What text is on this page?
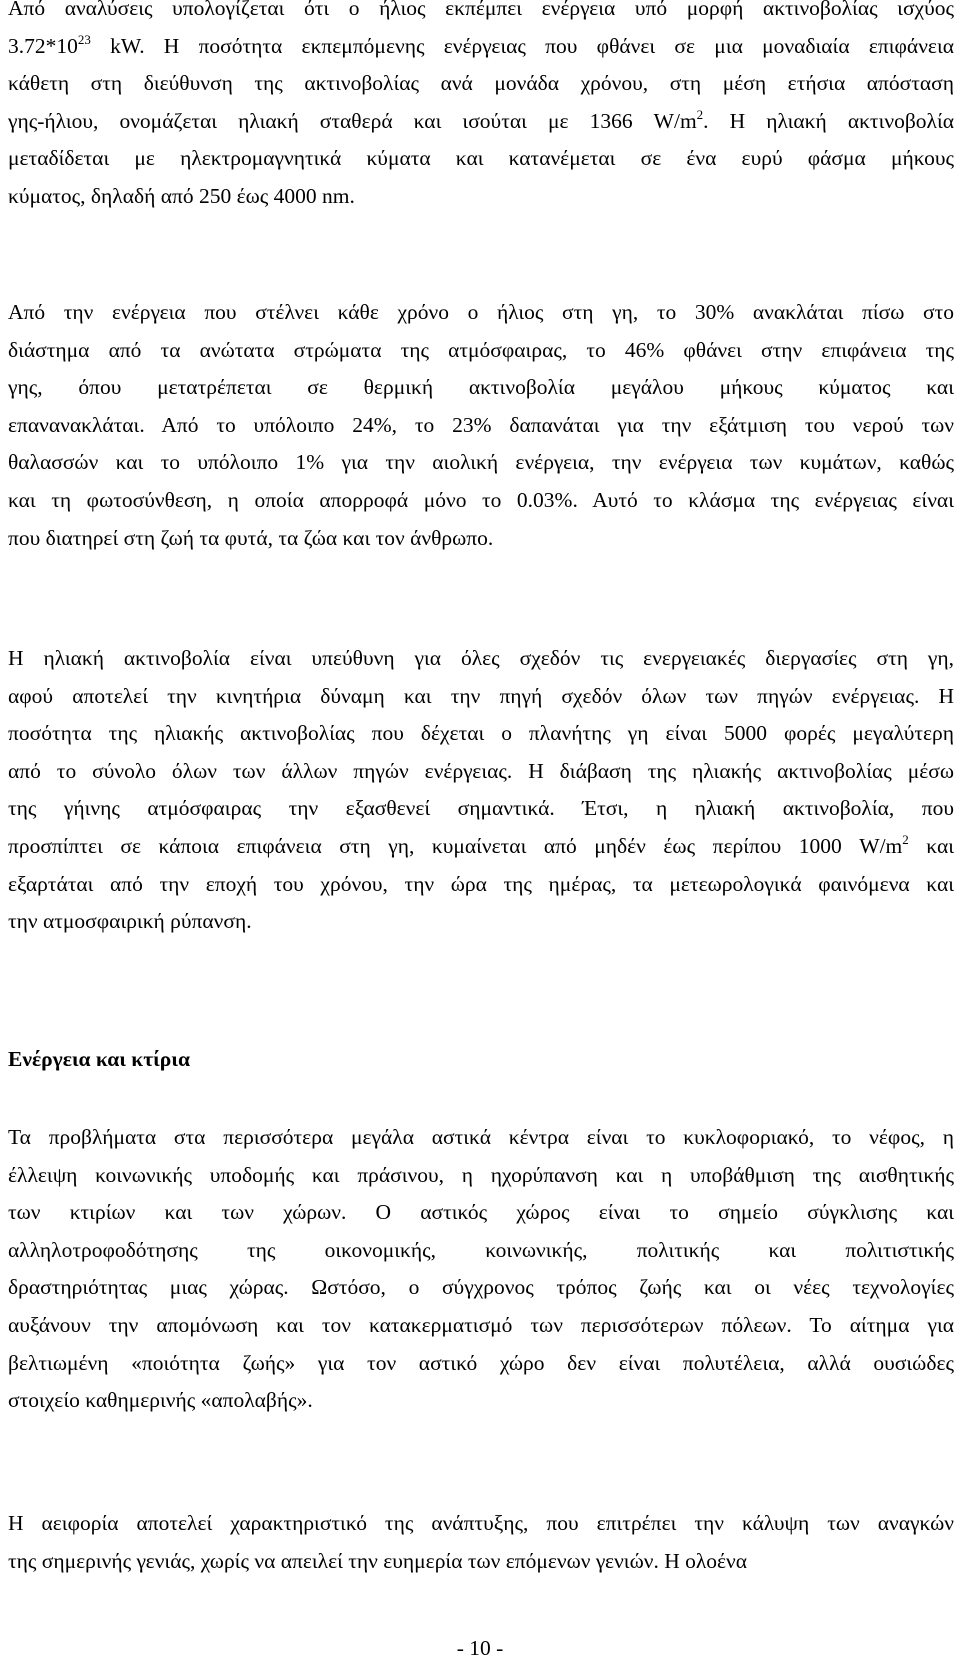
Από αναλύσεις υπολογίζεται ότι ο ήλιος εκπέμπει ενέργεια υπό μορφή ακτινοβολίας ισχύος
$3.72*10^{23}$ kW. Η ποσότητα εκπεμπόμενης ενέργειας που φθάνει σε μια μοναδιαία επιφάνεια
κάθετη στη διεύθυνση της ακτινοβολίας ανά μονάδα χρόνου, στη μέση ετήσια απόσταση
γης-ήλιου, ονομάζεται ηλιακή σταθερά και ισούται με 1366 $W/m^2$. Η ηλιακή ακτινοβολία
μεταδίδεται με ηλεκτρομαγνητικά κύματα και κατανέμεται σε ένα ευρύ φάσμα μήκους
κύματος, δηλαδή από 250 έως 4000 nm.
Από την ενέργεια που στέλνει κάθε χρόνο ο ήλιος στη γη, το 30% ανακλάται πίσω στο
διάστημα από τα ανώτατα στρώματα της ατμόσφαιρας, το 46% φθάνει στην επιφάνεια της
γης, όπου μετατρέπεται σε θερμική ακτινοβολία μεγάλου μήκους κύματος και
επανανακλάται. Από το υπόλοιπο 24%, το 23% δαπανάται για την εξάτμιση του νερού των
θαλασσών και το υπόλοιπο 1% για την αιολική ενέργεια, την ενέργεια των κυμάτων, καθώς
και τη φωτοσύνθεση, η οποία απορροφά μόνο το 0.03%. Αυτό το κλάσμα της ενέργειας είναι
που διατηρεί στη ζωή τα φυτά, τα ζώα και τον άνθρωπο.
Η ηλιακή ακτινοβολία είναι υπεύθυνη για όλες σχεδόν τις ενεργειακές διεργασίες στη γη,
αφού αποτελεί την κινητήρια δύναμη και την πηγή σχεδόν όλων των πηγών ενέργειας. Η
ποσότητα της ηλιακής ακτινοβολίας που δέχεται ο πλανήτης γη είναι 5000 φορές μεγαλύτερη
από το σύνολο όλων των άλλων πηγών ενέργειας. Η διάβαση της ηλιακής ακτινοβολίας μέσω
της γήινης ατμόσφαιρας την εξασθενεί σημαντικά. Έτσι, η ηλιακή ακτινοβολία, που
προσπίπτει σε κάποια επιφάνεια στη γη, κυμαίνεται από μηδέν έως περίπου 1000 $W/m^2$ και
εξαρτάται από την εποχή του χρόνου, την ώρα της ημέρας, τα μετεωρολογικά φαινόμενα και
την ατμοσφαιρική ρύπανση.
Ενέργεια και κτίρια
Τα προβλήματα στα περισσότερα μεγάλα αστικά κέντρα είναι το κυκλοφοριακό, το νέφος, η
έλλειψη κοινωνικής υποδομής και πράσινου, η ηχορύπανση και η υποβάθμιση της αισθητικής
των κτιρίων και των χώρων. Ο αστικός χώρος είναι το σημείο σύγκλισης και
αλληλοτροφοδότησης της οικονομικής, κοινωνικής, πολιτικής και πολιτιστικής
δραστηριότητας μιας χώρας. Ωστόσο, ο σύγχρονος τρόπος ζωής και οι νέες τεχνολογίες
αυξάνουν την απομόνωση και τον κατακερματισμό των περισσότερων πόλεων. Το αίτημα για
βελτιωμένη «ποιότητα ζωής» για τον αστικό χώρο δεν είναι πολυτέλεια, αλλά ουσιώδες
στοιχείο καθημερινής «απολαβής».
Η αειφορία αποτελεί χαρακτηριστικό της ανάπτυξης, που επιτρέπει την κάλυψη των αναγκών
της σημερινής γενιάς, χωρίς να απειλεί την ευημερία των επόμενων γενιών. Η ολοένα
- 10 -
